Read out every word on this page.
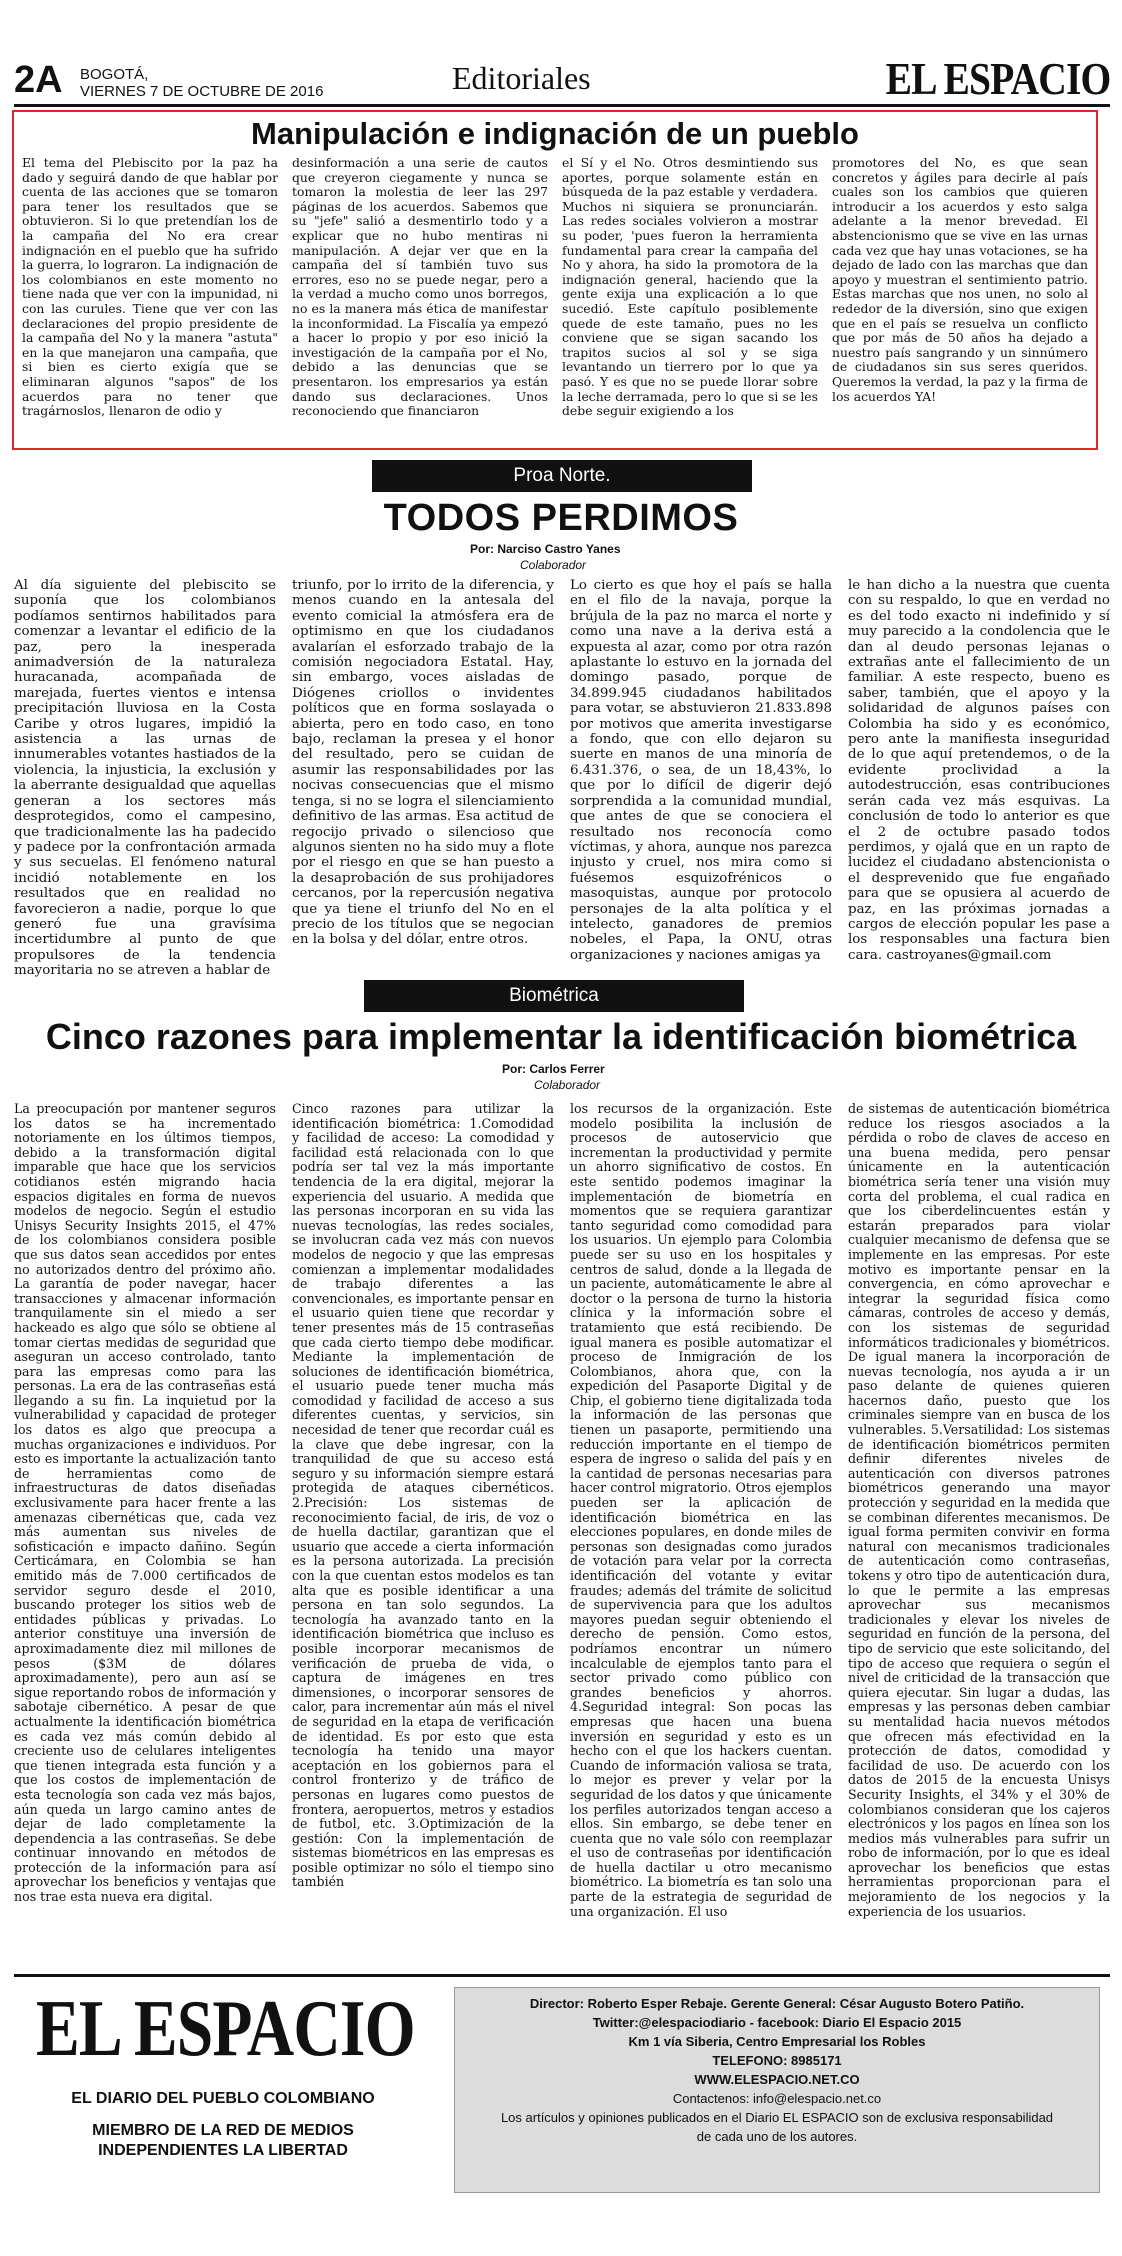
2A BOGOTÁ,
VIERNES 7 DE OCTUBRE DE 2016	Editoriales	EL ESPACIO
Manipulación e indignación de un pueblo
El tema del Plebiscito por la paz ha dado y seguirá dando de que hablar por cuenta de las acciones que se tomaron para tener los resultados que se obtuvieron. Si lo que pretendían los de la campaña del No era crear indignación en el pueblo que ha sufrido la guerra, lo lograron. La indignación de los colombianos en este momento no tiene nada que ver con la impunidad, ni con las curules. Tiene que ver con las declaraciones del propio presidente de la campaña del No y la manera "astuta" en la que manejaron una campaña, que si bien es cierto exigía que se eliminaran algunos "sapos" de los acuerdos para no tener que tragárnoslos, llenaron de odio y
desinformación a una serie de cautos que creyeron ciegamente y nunca se tomaron la molestia de leer las 297 páginas de los acuerdos. Sabemos que su "jefe" salió a desmentirlo todo y a explicar que no hubo mentiras ni manipulación. A dejar ver que en la campaña del sí también tuvo sus errores, eso no se puede negar, pero a la verdad a mucho como unos borregos, no es la manera más ética de manifestar la inconformidad. La Fiscalía ya empezó a hacer lo propio y por eso inició la investigación de la campaña por el No, debido a las denuncias que se presentaron. los empresarios ya están dando sus declaraciones. Unos reconociendo que financiaron
el Sí y el No. Otros desmintiendo sus aportes, porque solamente están en búsqueda de la paz estable y verdadera. Muchos ni siquiera se pronunciarán. Las redes sociales volvieron a mostrar su poder, 'pues fueron la herramienta fundamental para crear la campaña del No y ahora, ha sido la promotora de la indignación general, haciendo que la gente exija una explicación a lo que sucedió. Este capítulo posiblemente quede de este tamaño, pues no les conviene que se sigan sacando los trapitos sucios al sol y se siga levantando un tierrero por lo que ya pasó. Y es que no se puede llorar sobre la leche derramada, pero lo que si se les debe seguir exigiendo a los
promotores del No, es que sean concretos y ágiles para decirle al país cuales son los cambios que quieren introducir a los acuerdos y esto salga adelante a la menor brevedad. El abstencionismo que se vive en las urnas cada vez que hay unas votaciones, se ha dejado de lado con las marchas que dan apoyo y muestran el sentimiento patrio. Estas marchas que nos unen, no solo al rededor de la diversión, sino que exigen que en el país se resuelva un conflicto que por más de 50 años ha dejado a nuestro país sangrando y un sinnúmero de ciudadanos sin sus seres queridos. Queremos la verdad, la paz y la firma de los acuerdos YA!
Proa Norte.
TODOS PERDIMOS
Por: Narciso Castro Yanes
Colaborador
Al día siguiente del plebiscito se suponía que los colombianos podíamos sentirnos habilitados para comenzar a levantar el edificio de la paz, pero la inesperada animadversión de la naturaleza huracanada, acompañada de marejada, fuertes vientos e intensa precipitación lluviosa en la Costa Caribe y otros lugares, impidió la asistencia a las urnas de innumerables votantes hastiados de la violencia, la injusticia, la exclusión y la aberrante desigualdad que aquellas generan a los sectores más desprotegidos, como el campesino, que tradicionalmente las ha padecido y padece por la confrontación armada y sus secuelas. El fenómeno natural incidió notablemente en los resultados que en realidad no favorecieron a nadie, porque lo que generó fue una gravísima incertidumbre al punto de que propulsores de la tendencia mayoritaria no se atreven a hablar de
triunfo, por lo irrito de la diferencia, y menos cuando en la antesala del evento comicial la atmósfera era de optimismo en que los ciudadanos avalarían el esforzado trabajo de la comisión negociadora Estatal. Hay, sin embargo, voces aisladas de Diógenes criollos o invidentes políticos que en forma soslayada o abierta, pero en todo caso, en tono bajo, reclaman la presea y el honor del resultado, pero se cuidan de asumir las responsabilidades por las nocivas consecuencias que el mismo tenga, si no se logra el silenciamiento definitivo de las armas. Esa actitud de regocijo privado o silencioso que algunos sienten no ha sido muy a flote por el riesgo en que se han puesto a la desaprobación de sus prohijadores cercanos, por la repercusión negativa que ya tiene el triunfo del No en el precio de los títulos que se negocian en la bolsa y del dólar, entre otros.
Lo cierto es que hoy el país se halla en el filo de la navaja, porque la brújula de la paz no marca el norte y como una nave a la deriva está a expuesta al azar, como por otra razón aplastante lo estuvo en la jornada del domingo pasado, porque de 34.899.945 ciudadanos habilitados para votar, se abstuvieron 21.833.898 por motivos que amerita investigarse a fondo, que con ello dejaron su suerte en manos de una minoría de 6.431.376, o sea, de un 18,43%, lo que por lo difícil de digerir dejó sorprendida a la comunidad mundial, que antes de que se conociera el resultado nos reconocía como víctimas, y ahora, aunque nos parezca injusto y cruel, nos mira como si fuésemos esquizofrénicos o masoquistas, aunque por protocolo personajes de la alta política y el intelecto, ganadores de premios nobeles, el Papa, la ONU, otras organizaciones y naciones amigas ya
le han dicho a la nuestra que cuenta con su respaldo, lo que en verdad no es del todo exacto ni indefinido y sí muy parecido a la condolencia que le dan al deudo personas lejanas o extrañas ante el fallecimiento de un familiar. A este respecto, bueno es saber, también, que el apoyo y la solidaridad de algunos países con Colombia ha sido y es económico, pero ante la manifiesta inseguridad de lo que aquí pretendemos, o de la evidente proclividad a la autodestrucción, esas contribuciones serán cada vez más esquivas. La conclusión de todo lo anterior es que el 2 de octubre pasado todos perdimos, y ojalá que en un rapto de lucidez el ciudadano abstencionista o el desprevenido que fue engañado para que se opusiera al acuerdo de paz, en las próximas jornadas a cargos de elección popular les pase a los responsables una factura bien cara. castroyanes@gmail.com
Biométrica
Cinco razones para implementar la identificación biométrica
Por: Carlos Ferrer
Colaborador
La preocupación por mantener seguros los datos se ha incrementado notoriamente en los últimos tiempos, debido a la transformación digital imparable que hace que los servicios cotidianos estén migrando hacia espacios digitales en forma de nuevos modelos de negocio. Según el estudio Unisys Security Insights 2015, el 47% de los colombianos considera posible que sus datos sean accedidos por entes no autorizados dentro del próximo año. La garantía de poder navegar, hacer transacciones y almacenar información tranquilamente sin el miedo a ser hackeado es algo que sólo se obtiene al tomar ciertas medidas de seguridad que aseguran un acceso controlado, tanto para las empresas como para las personas. La era de las contraseñas está llegando a su fin. La inquietud por la vulnerabilidad y capacidad de proteger los datos es algo que preocupa a muchas organizaciones e individuos. Por esto es importante la actualización tanto de herramientas como de infraestructuras de datos diseñadas exclusivamente para hacer frente a las amenazas cibernéticas que, cada vez más aumentan sus niveles de sofisticación e impacto dañino. Según Certicámara, en Colombia se han emitido más de 7.000 certificados de servidor seguro desde el 2010, buscando proteger los sitios web de entidades públicas y privadas. Lo anterior constituye una inversión de aproximadamente diez mil millones de pesos ($3M de dólares aproximadamente), pero aun así se sigue reportando robos de información y sabotaje cibernético. A pesar de que actualmente la identificación biométrica es cada vez más común debido al creciente uso de celulares inteligentes que tienen integrada esta función y a que los costos de implementación de esta tecnología son cada vez más bajos, aún queda un largo camino antes de dejar de lado completamente la dependencia a las contraseñas. Se debe continuar innovando en métodos de protección de la información para así aprovechar los beneficios y ventajas que nos trae esta nueva era digital.
Cinco razones para utilizar la identificación biométrica: 1.Comodidad y facilidad de acceso: La comodidad y facilidad está relacionada con lo que podría ser tal vez la más importante tendencia de la era digital, mejorar la experiencia del usuario. A medida que las personas incorporan en su vida las nuevas tecnologías, las redes sociales, se involucran cada vez más con nuevos modelos de negocio y que las empresas comienzan a implementar modalidades de trabajo diferentes a las convencionales, es importante pensar en el usuario quien tiene que recordar y tener presentes más de 15 contraseñas que cada cierto tiempo debe modificar. Mediante la implementación de soluciones de identificación biométrica, el usuario puede tener mucha más comodidad y facilidad de acceso a sus diferentes cuentas, y servicios, sin necesidad de tener que recordar cuál es la clave que debe ingresar, con la tranquilidad de que su acceso está seguro y su información siempre estará protegida de ataques cibernéticos. 2.Precisión: Los sistemas de reconocimiento facial, de iris, de voz o de huella dactilar, garantizan que el usuario que accede a cierta información es la persona autorizada. La precisión con la que cuentan estos modelos es tan alta que es posible identificar a una persona en tan solo segundos. La tecnología ha avanzado tanto en la identificación biométrica que incluso es posible incorporar mecanismos de verificación de prueba de vida, o captura de imágenes en tres dimensiones, o incorporar sensores de calor, para incrementar aún más el nivel de seguridad en la etapa de verificación de identidad. Es por esto que esta tecnología ha tenido una mayor aceptación en los gobiernos para el control fronterizo y de tráfico de personas en lugares como puestos de frontera, aeropuertos, metros y estadios de futbol, etc. 3.Optimización de la gestión: Con la implementación de sistemas biométricos en las empresas es posible optimizar no sólo el tiempo sino también
los recursos de la organización. Este modelo posibilita la inclusión de procesos de autoservicio que incrementan la productividad y permite un ahorro significativo de costos. En este sentido podemos imaginar la implementación de biometría en momentos que se requiera garantizar tanto seguridad como comodidad para los usuarios. Un ejemplo para Colombia puede ser su uso en los hospitales y centros de salud, donde a la llegada de un paciente, automáticamente le abre al doctor o la persona de turno la historia clínica y la información sobre el tratamiento que está recibiendo. De igual manera es posible automatizar el proceso de Inmigración de los Colombianos, ahora que, con la expedición del Pasaporte Digital y de Chip, el gobierno tiene digitalizada toda la información de las personas que tienen un pasaporte, permitiendo una reducción importante en el tiempo de espera de ingreso o salida del país y en la cantidad de personas necesarias para hacer control migratorio. Otros ejemplos pueden ser la aplicación de identificación biométrica en las elecciones populares, en donde miles de personas son designadas como jurados de votación para velar por la correcta identificación del votante y evitar fraudes; además del trámite de solicitud de supervivencia para que los adultos mayores puedan seguir obteniendo el derecho de pensión. Como estos, podríamos encontrar un número incalculable de ejemplos tanto para el sector privado como público con grandes beneficios y ahorros. 4.Seguridad integral: Son pocas las empresas que hacen una buena inversión en seguridad y esto es un hecho con el que los hackers cuentan. Cuando de información valiosa se trata, lo mejor es prever y velar por la seguridad de los datos y que únicamente los perfiles autorizados tengan acceso a ellos. Sin embargo, se debe tener en cuenta que no vale sólo con reemplazar el uso de contraseñas por identificación de huella dactilar u otro mecanismo biométrico. La biometría es tan solo una parte de la estrategia de seguridad de una organización. El uso
de sistemas de autenticación biométrica reduce los riesgos asociados a la pérdida o robo de claves de acceso en una buena medida, pero pensar únicamente en la autenticación biométrica sería tener una visión muy corta del problema, el cual radica en que los ciberdelincuentes están y estarán preparados para violar cualquier mecanismo de defensa que se implemente en las empresas. Por este motivo es importante pensar en la convergencia, en cómo aprovechar e integrar la seguridad física como cámaras, controles de acceso y demás, con los sistemas de seguridad informáticos tradicionales y biométricos. De igual manera la incorporación de nuevas tecnología, nos ayuda a ir un paso delante de quienes quieren hacernos daño, puesto que los criminales siempre van en busca de los vulnerables. 5.Versatilidad: Los sistemas de identificación biométricos permiten definir diferentes niveles de autenticación con diversos patrones biométricos generando una mayor protección y seguridad en la medida que se combinan diferentes mecanismos. De igual forma permiten convivir en forma natural con mecanismos tradicionales de autenticación como contraseñas, tokens y otro tipo de autenticación dura, lo que le permite a las empresas aprovechar sus mecanismos tradicionales y elevar los niveles de seguridad en función de la persona, del tipo de servicio que este solicitando, del tipo de acceso que requiera o según el nivel de criticidad de la transacción que quiera ejecutar. Sin lugar a dudas, las empresas y las personas deben cambiar su mentalidad hacia nuevos métodos que ofrecen más efectividad en la protección de datos, comodidad y facilidad de uso. De acuerdo con los datos de 2015 de la encuesta Unisys Security Insights, el 34% y el 30% de colombianos consideran que los cajeros electrónicos y los pagos en línea son los medios más vulnerables para sufrir un robo de información, por lo que es ideal aprovechar los beneficios que estas herramientas proporcionan para el mejoramiento de los negocios y la experiencia de los usuarios.
EL ESPACIO
EL DIARIO DEL PUEBLO COLOMBIANO
MIEMBRO DE LA RED DE MEDIOS
INDEPENDIENTES LA LIBERTAD
Director: Roberto Esper Rebaje. Gerente General: César Augusto Botero Patiño.
Twitter:@elespaciodiario - facebook: Diario El Espacio 2015
Km 1 vía Siberia, Centro Empresarial los Robles
TELEFONO: 8985171
WWW.ELESPACIO.NET.CO
Contactenos: info@elespacio.net.co
Los artículos y opiniones publicados en el Diario EL ESPACIO son de exclusiva responsabilidad
de cada uno de los autores.
